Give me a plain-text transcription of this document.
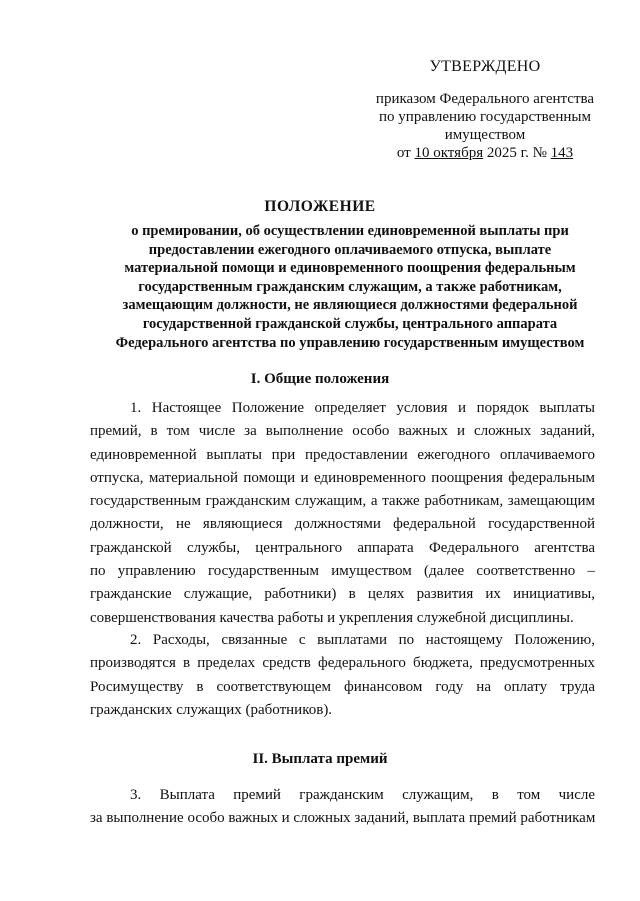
УТВЕРЖДЕНО
приказом Федерального агентства
по управлению государственным
имуществом
от 10 октября 2025 г. № 143
ПОЛОЖЕНИЕ
о премировании, об осуществлении единовременной выплаты при
предоставлении ежегодного оплачиваемого отпуска, выплате
материальной помощи и единовременного поощрения федеральным
государственным гражданским служащим, а также работникам,
замещающим должности, не являющиеся должностями федеральной
государственной гражданской службы, центрального аппарата
Федерального агентства по управлению государственным имуществом
I. Общие положения
1. Настоящее Положение определяет условия и порядок выплаты
премий, в том числе за выполнение особо важных и сложных заданий,
единовременной выплаты при предоставлении ежегодного оплачиваемого
отпуска, материальной помощи и единовременного поощрения федеральным
государственным гражданским служащим, а также работникам, замещающим
должности, не являющиеся должностями федеральной государственной
гражданской службы, центрального аппарата Федерального агентства
по управлению государственным имуществом (далее соответственно –
гражданские служащие, работники) в целях развития их инициативы,
совершенствования качества работы и укрепления служебной дисциплины.
2. Расходы, связанные с выплатами по настоящему Положению,
производятся в пределах средств федерального бюджета, предусмотренных
Росимуществу в соответствующем финансовом году на оплату труда
гражданских служащих (работников).
II. Выплата премий
3. Выплата премий гражданским служащим, в том числе
за выполнение особо важных и сложных заданий, выплата премий работникам
